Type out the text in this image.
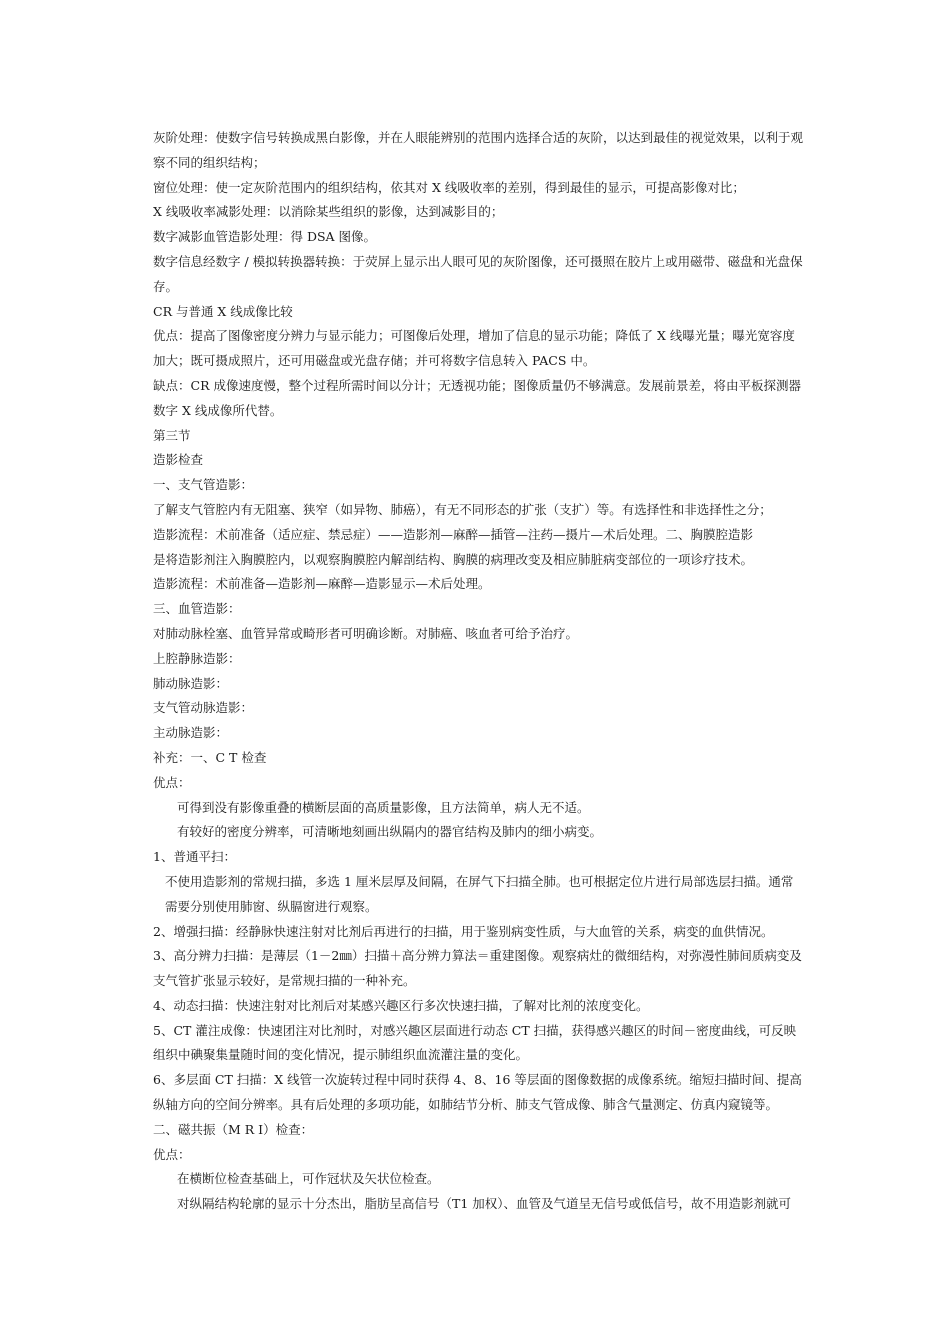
灰阶处理：使数字信号转换成黑白影像，并在人眼能辨别的范围内选择合适的灰阶，以达到最佳的视觉效果，以利于观察不同的组织结构；

窗位处理：使一定灰阶范围内的组织结构，依其对 X 线吸收率的差别，得到最佳的显示，可提高影像对比；

X 线吸收率减影处理：以消除某些组织的影像，达到减影目的；

数字减影血管造影处理：得 DSA 图像。

数字信息经数字 / 模拟转换器转换：于荧屏上显示出人眼可见的灰阶图像，还可摄照在胶片上或用磁带、磁盘和光盘保存。

CR 与普通 X 线成像比较

优点：提高了图像密度分辨力与显示能力；可图像后处理，增加了信息的显示功能；降低了 X 线曝光量；曝光宽容度加大；既可摄成照片，还可用磁盘或光盘存储；并可将数字信息转入 PACS 中。

缺点：CR 成像速度慢，整个过程所需时间以分计；无透视功能；图像质量仍不够满意。发展前景差，将由平板探测器数字 X 线成像所代替。

第三节

造影检查

一、支气管造影：

了解支气管腔内有无阻塞、狭窄（如异物、肺癌），有无不同形态的扩张（支扩）等。有选择性和非选择性之分；

造影流程：术前准备（适应症、禁忌症）——造影剂—麻醉—插管—注药—摄片—术后处理。二、胸膜腔造影

是将造影剂注入胸膜腔内，以观察胸膜腔内解剖结构、胸膜的病理改变及相应肺脏病变部位的一项诊疗技术。

造影流程：术前准备—造影剂—麻醉—造影显示—术后处理。

三、血管造影：

对肺动脉栓塞、血管异常或畸形者可明确诊断。对肺癌、咳血者可给予治疗。

上腔静脉造影：

肺动脉造影：

支气管动脉造影：

主动脉造影：

补充：一、C T 检查

优点：

可得到没有影像重叠的横断层面的高质量影像，且方法简单，病人无不适。

有较好的密度分辨率，可清晰地刻画出纵隔内的器官结构及肺内的细小病变。

1、普通平扫：

不使用造影剂的常规扫描，多选 1 厘米层厚及间隔，在屏气下扫描全肺。也可根据定位片进行局部选层扫描。通常需要分别使用肺窗、纵膈窗进行观察。

2、增强扫描：经静脉快速注射对比剂后再进行的扫描，用于鉴别病变性质，与大血管的关系，病变的血供情况。

3、高分辨力扫描：是薄层（1－2㎜）扫描＋高分辨力算法＝重建图像。观察病灶的微细结构，对弥漫性肺间质病变及支气管扩张显示较好，是常规扫描的一种补充。

4、动态扫描：快速注射对比剂后对某感兴趣区行多次快速扫描，了解对比剂的浓度变化。

5、CT 灌注成像：快速团注对比剂时，对感兴趣区层面进行动态 CT 扫描，获得感兴趣区的时间－密度曲线，可反映组织中碘聚集量随时间的变化情况，提示肺组织血流灌注量的变化。

6、多层面 CT 扫描：X 线管一次旋转过程中同时获得 4、8、16 等层面的图像数据的成像系统。缩短扫描时间、提高纵轴方向的空间分辨率。具有后处理的多项功能，如肺结节分析、肺支气管成像、肺含气量测定、仿真内窥镜等。

二、磁共振（M R I）检查：

优点：

在横断位检查基础上，可作冠状及矢状位检查。

对纵隔结构轮廓的显示十分杰出，脂肪呈高信号（T1 加权）、血管及气道呈无信号或低信号，故不用造影剂就可
